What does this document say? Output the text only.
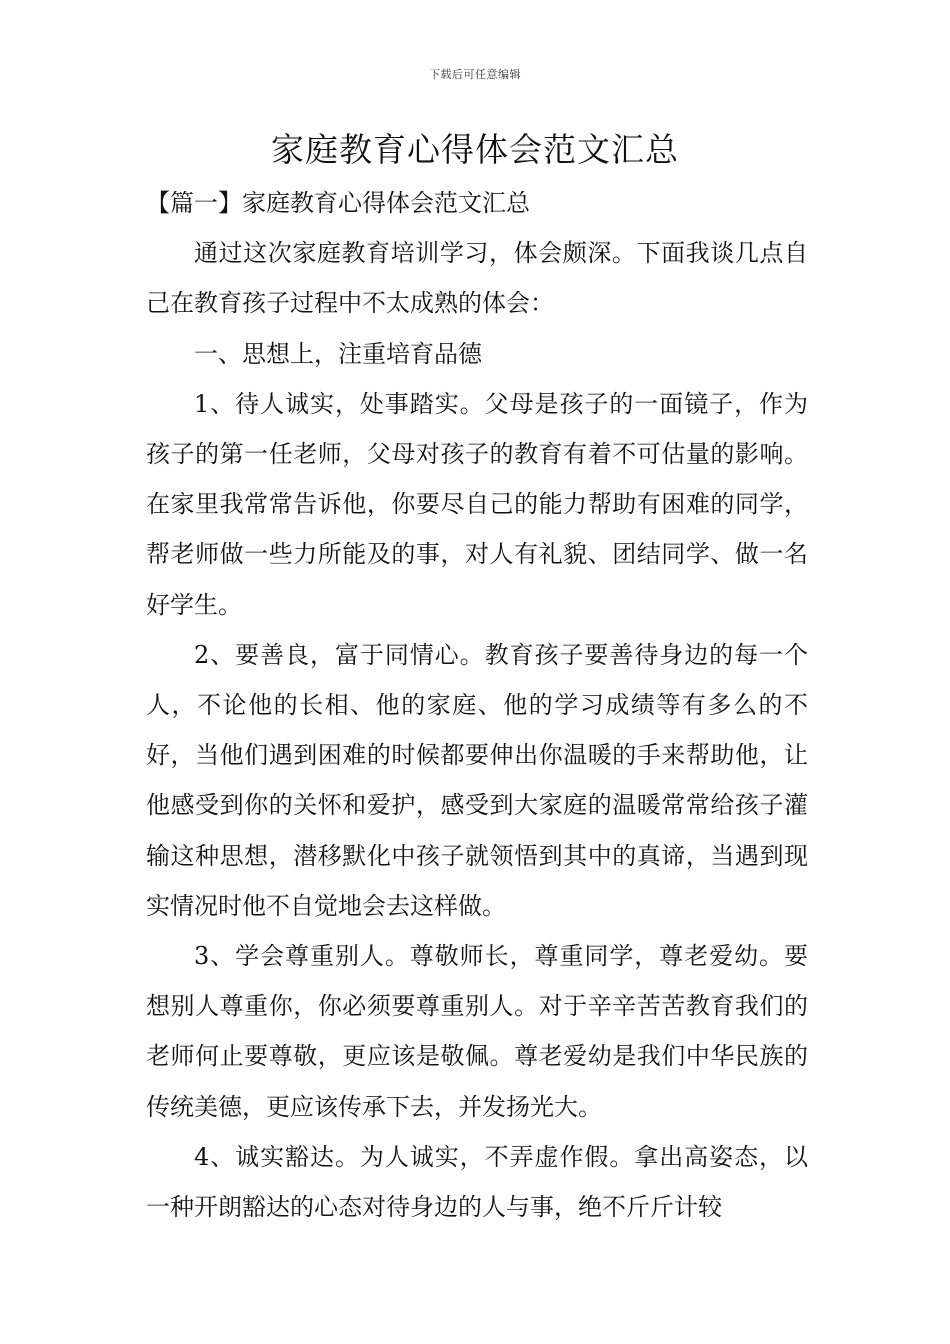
下载后可任意编辑
家庭教育心得体会范文汇总

【篇一】家庭教育心得体会范文汇总

通过这次家庭教育培训学习，体会颇深。下面我谈几点自己在教育孩子过程中不太成熟的体会：

一、思想上，注重培育品德

1、待人诚实，处事踏实。父母是孩子的一面镜子，作为孩子的第一任老师，父母对孩子的教育有着不可估量的影响。在家里我常常告诉他，你要尽自己的能力帮助有困难的同学，帮老师做一些力所能及的事，对人有礼貌、团结同学、做一名好学生。

2、要善良，富于同情心。教育孩子要善待身边的每一个人，不论他的长相、他的家庭、他的学习成绩等有多么的不好，当他们遇到困难的时候都要伸出你温暖的手来帮助他，让他感受到你的关怀和爱护，感受到大家庭的温暖常常给孩子灌输这种思想，潜移默化中孩子就领悟到其中的真谛，当遇到现实情况时他不自觉地会去这样做。

3、学会尊重别人。尊敬师长，尊重同学，尊老爱幼。要想别人尊重你，你必须要尊重别人。对于辛辛苦苦教育我们的老师何止要尊敬，更应该是敬佩。尊老爱幼是我们中华民族的传统美德，更应该传承下去，并发扬光大。

4、诚实豁达。为人诚实，不弄虚作假。拿出高姿态，以一种开朗豁达的心态对待身边的人与事，绝不斤斤计较
